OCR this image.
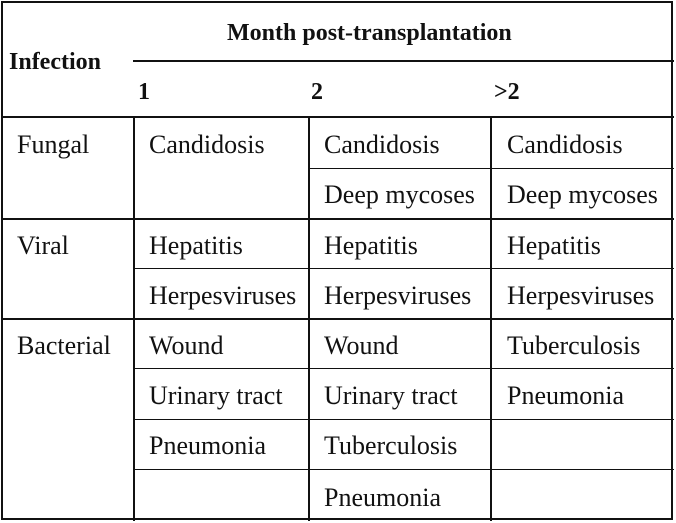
Infection
Month post-transplantation
1	2	>2
Fungal
Viral
Bacterial
Candidosis Candidosis
Deep mycoses
Candidosis
Deep mycoses
Hepatitis
Herpesviruses
Hepatitis
Herpesviruses
Hepatitis
Herpesviruses
Wound
Urinary tract
Pneumonia
Wound
Urinary tract
Tuberculosis
Pneumonia
Tuberculosis
Pneumonia
